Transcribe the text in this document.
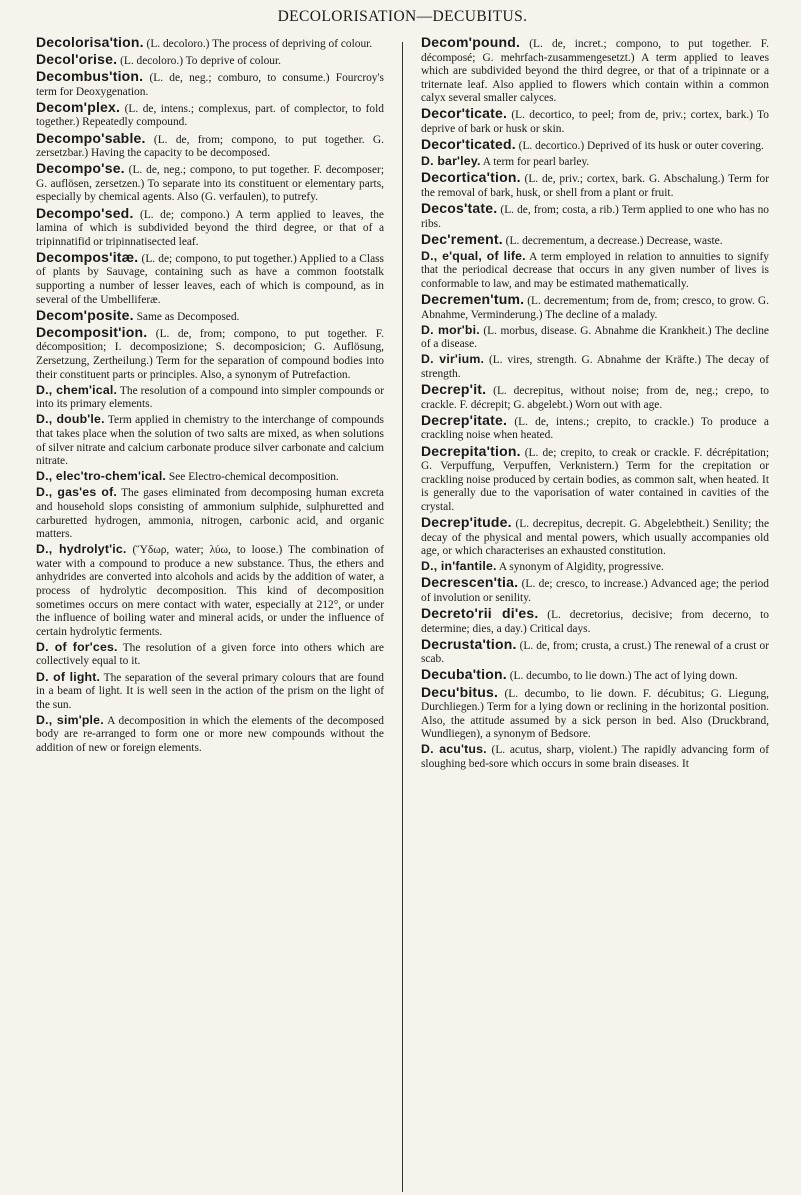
DECOLORISATION—DECUBITUS.
Decolorisa'tion. (L. decoloro.) The process of depriving of colour.
Decol'orise. (L. decoloro.) To deprive of colour.
Decombus'tion. (L. de, neg.; comburo, to consume.) Fourcroy's term for Deoxygenation.
Decom'plex. (L. de, intens.; complexus, part. of complector, to fold together.) Repeatedly compound.
Decompo'sable. (L. de, from; compono, to put together. G. zersetzbar.) Having the capacity to be decomposed.
Decompo'se. (L. de, neg.; compono, to put together. F. decomposer; G. auflösen, zersetzen.) To separate into its constituent or elementary parts, especially by chemical agents. Also (G. verfaulen), to putrefy.
Decompo'sed. (L. de; compono.) A term applied to leaves, the lamina of which is subdivided beyond the third degree, or that of a tripinnatifid or tripinnatisected leaf.
Decompos'itæ. (L. de; compono, to put together.) Applied to a Class of plants by Sauvage, containing such as have a common footstalk supporting a number of lesser leaves, each of which is compound, as in several of the Umbelliferæ.
Decom'posite. Same as Decomposed.
Decomposit'ion. (L. de, from; compono, to put together. F. décomposition; I. decomposizione; S. decomposicion; G. Auflösung, Zersetzung, Zertheilung.) Term for the separation of compound bodies into their constituent parts or principles. Also, a synonym of Putrefaction.
D., chem'ical. The resolution of a compound into simpler compounds or into its primary elements.
D., doub'le. Term applied in chemistry to the interchange of compounds that takes place when the solution of two salts are mixed, as when solutions of silver nitrate and calcium carbonate produce silver carbonate and calcium nitrate.
D., elec'tro-chem'ical. See Electro-chemical decomposition.
D., gas'es of. The gases eliminated from decomposing human excreta and household slops consisting of ammonium sulphide, sulphuretted and carburetted hydrogen, ammonia, nitrogen, carbonic acid, and organic matters.
D., hydrolyt'ic. (Ὕδωρ, water; λύω, to loose.) The combination of water with a compound to produce a new substance. Thus, the ethers and anhydrides are converted into alcohols and acids by the addition of water, a process of hydrolytic decomposition. This kind of decomposition sometimes occurs on mere contact with water, especially at 212°, or under the influence of boiling water and mineral acids, or under the influence of certain hydrolytic ferments.
D. of for'ces. The resolution of a given force into others which are collectively equal to it.
D. of light. The separation of the several primary colours that are found in a beam of light. It is well seen in the action of the prism on the light of the sun.
D., sim'ple. A decomposition in which the elements of the decomposed body are re-arranged to form one or more new compounds without the addition of new or foreign elements.
Decom'pound. (L. de, incret.; compono, to put together. F. décomposé; G. mehrfach-zusammengesetzt.) A term applied to leaves which are subdivided beyond the third degree, or that of a tripinnate or a triternate leaf. Also applied to flowers which contain within a common calyx several smaller calyces.
Decor'ticate. (L. decortico, to peel; from de, priv.; cortex, bark.) To deprive of bark or husk or skin.
Decor'ticated. (L. decortico.) Deprived of its husk or outer covering.
D. bar'ley. A term for pearl barley.
Decortica'tion. (L. de, priv.; cortex, bark. G. Abschalung.) Term for the removal of bark, husk, or shell from a plant or fruit.
Decos'tate. (L. de, from; costa, a rib.) Term applied to one who has no ribs.
Dec'rement. (L. decrementum, a decrease.) Decrease, waste.
D., e'qual, of life. A term employed in relation to annuities to signify that the periodical decrease that occurs in any given number of lives is conformable to law, and may be estimated mathematically.
Decremen'tum. (L. decrementum; from de, from; cresco, to grow. G. Abnahme, Verminderung.) The decline of a malady.
D. mor'bi. (L. morbus, disease. G. Abnahme die Krankheit.) The decline of a disease.
D. vir'ium. (L. vires, strength. G. Abnahme der Kräfte.) The decay of strength.
Decrep'it. (L. decrepitus, without noise; from de, neg.; crepo, to crackle. F. décrepit; G. abgelebt.) Worn out with age.
Decrep'itate. (L. de, intens.; crepito, to crackle.) To produce a crackling noise when heated.
Decrepita'tion. (L. de; crepito, to creak or crackle. F. décrépitation; G. Verpuffung, Verpuffen, Verknistern.) Term for the crepitation or crackling noise produced by certain bodies, as common salt, when heated. It is generally due to the vaporisation of water contained in cavities of the crystal.
Decrep'itude. (L. decrepitus, decrepit. G. Abgelebtheit.) Senility; the decay of the physical and mental powers, which usually accompanies old age, or which characterises an exhausted constitution.
D., in'fantile. A synonym of Algidity, progressive.
Decrescen'tia. (L. de; cresco, to increase.) Advanced age; the period of involution or senility.
Decreto'rii di'es. (L. decretorius, decisive; from decerno, to determine; dies, a day.) Critical days.
Decrusta'tion. (L. de, from; crusta, a crust.) The renewal of a crust or scab.
Decuba'tion. (L. decumbo, to lie down.) The act of lying down.
Decu'bitus. (L. decumbo, to lie down. F. décubitus; G. Liegung, Durchliegen.) Term for a lying down or reclining in the horizontal position. Also, the attitude assumed by a sick person in bed. Also (Druckbrand, Wundliegen), a synonym of Bedsore.
D. acu'tus. (L. acutus, sharp, violent.) The rapidly advancing form of sloughing bed-sore which occurs in some brain diseases. It
